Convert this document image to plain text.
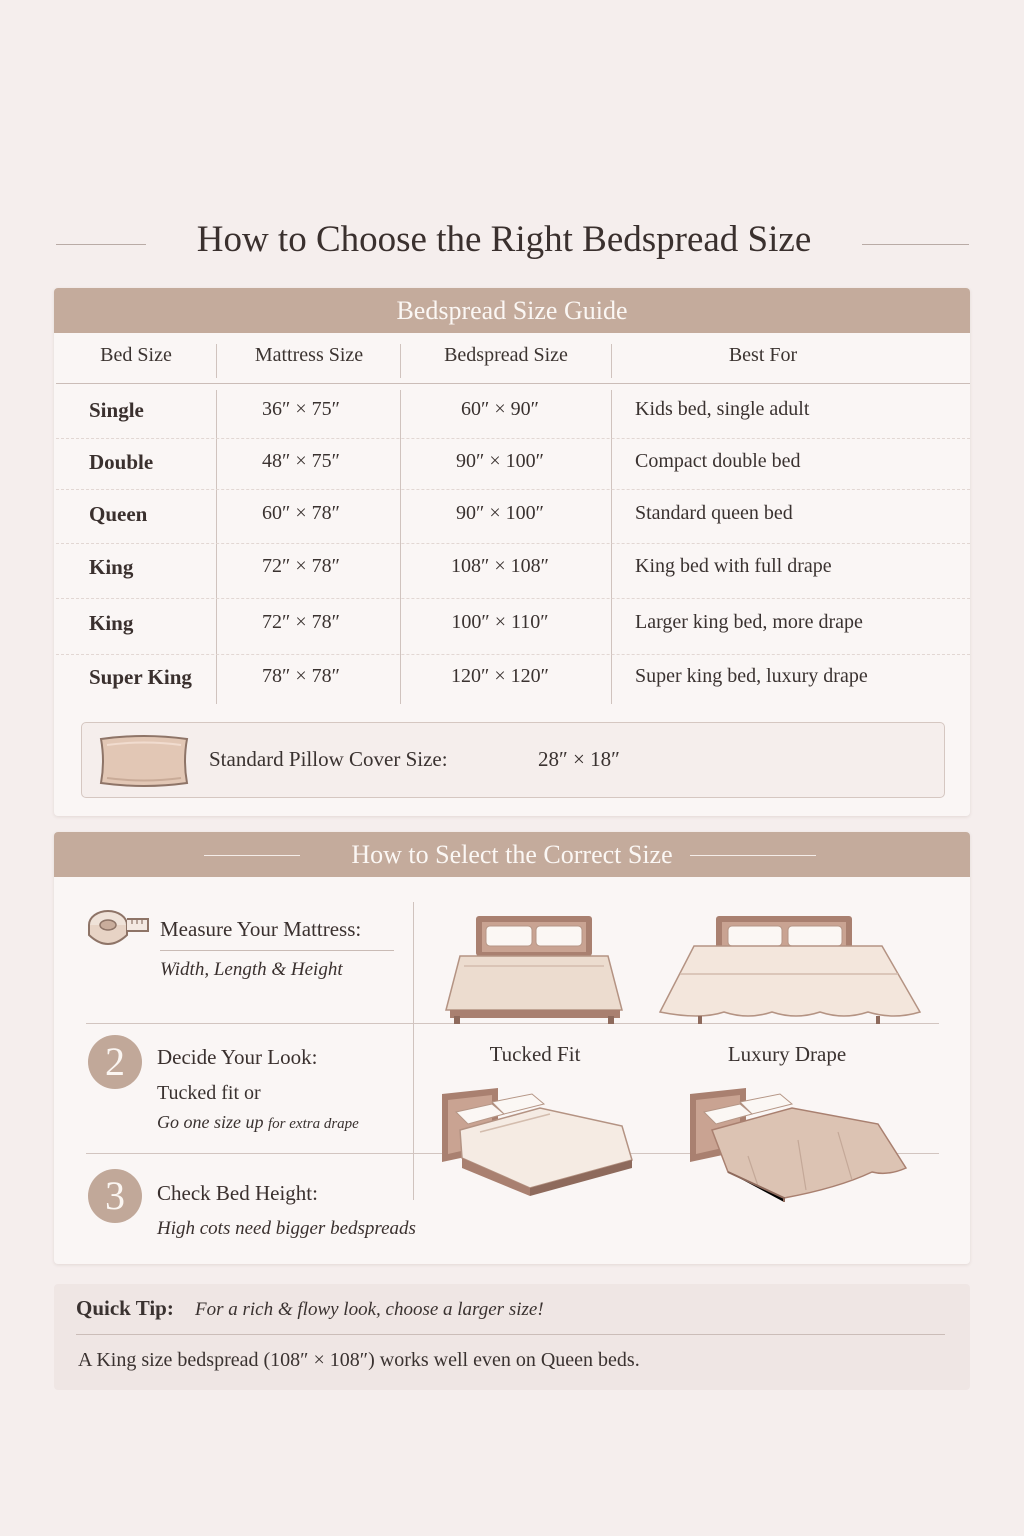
How to Choose the Right Bedspread Size
Bedspread Size Guide
Bed Size	Mattress Size	Bedspread Size	Best For
Single	36″ × 75″	60″ × 90″	Kids bed, single adult
Double	48″ × 75″	90″ × 100″	Compact double bed
Queen	60″ × 78″	90″ × 100″	Standard queen bed
King	72″ × 78″	108″ × 108″	King bed with full drape
King	72″ × 78″	100″ × 110″	Larger king bed, more drape
Super King	78″ × 78″	120″ × 120″	Super king bed, luxury drape
Standard Pillow Cover Size:	28″ × 18″
How to Select the Correct Size
Measure Your Mattress:
Width, Length & Height
2	Decide Your Look:
Tucked fit or
Go one size up for extra drape
3	Check Bed Height:
High cots need bigger bedspreads
Tucked Fit	Luxury Drape
Quick Tip: For a rich & flowy look, choose a larger size!
A King size bedspread (108″ × 108″) works well even on Queen beds.
